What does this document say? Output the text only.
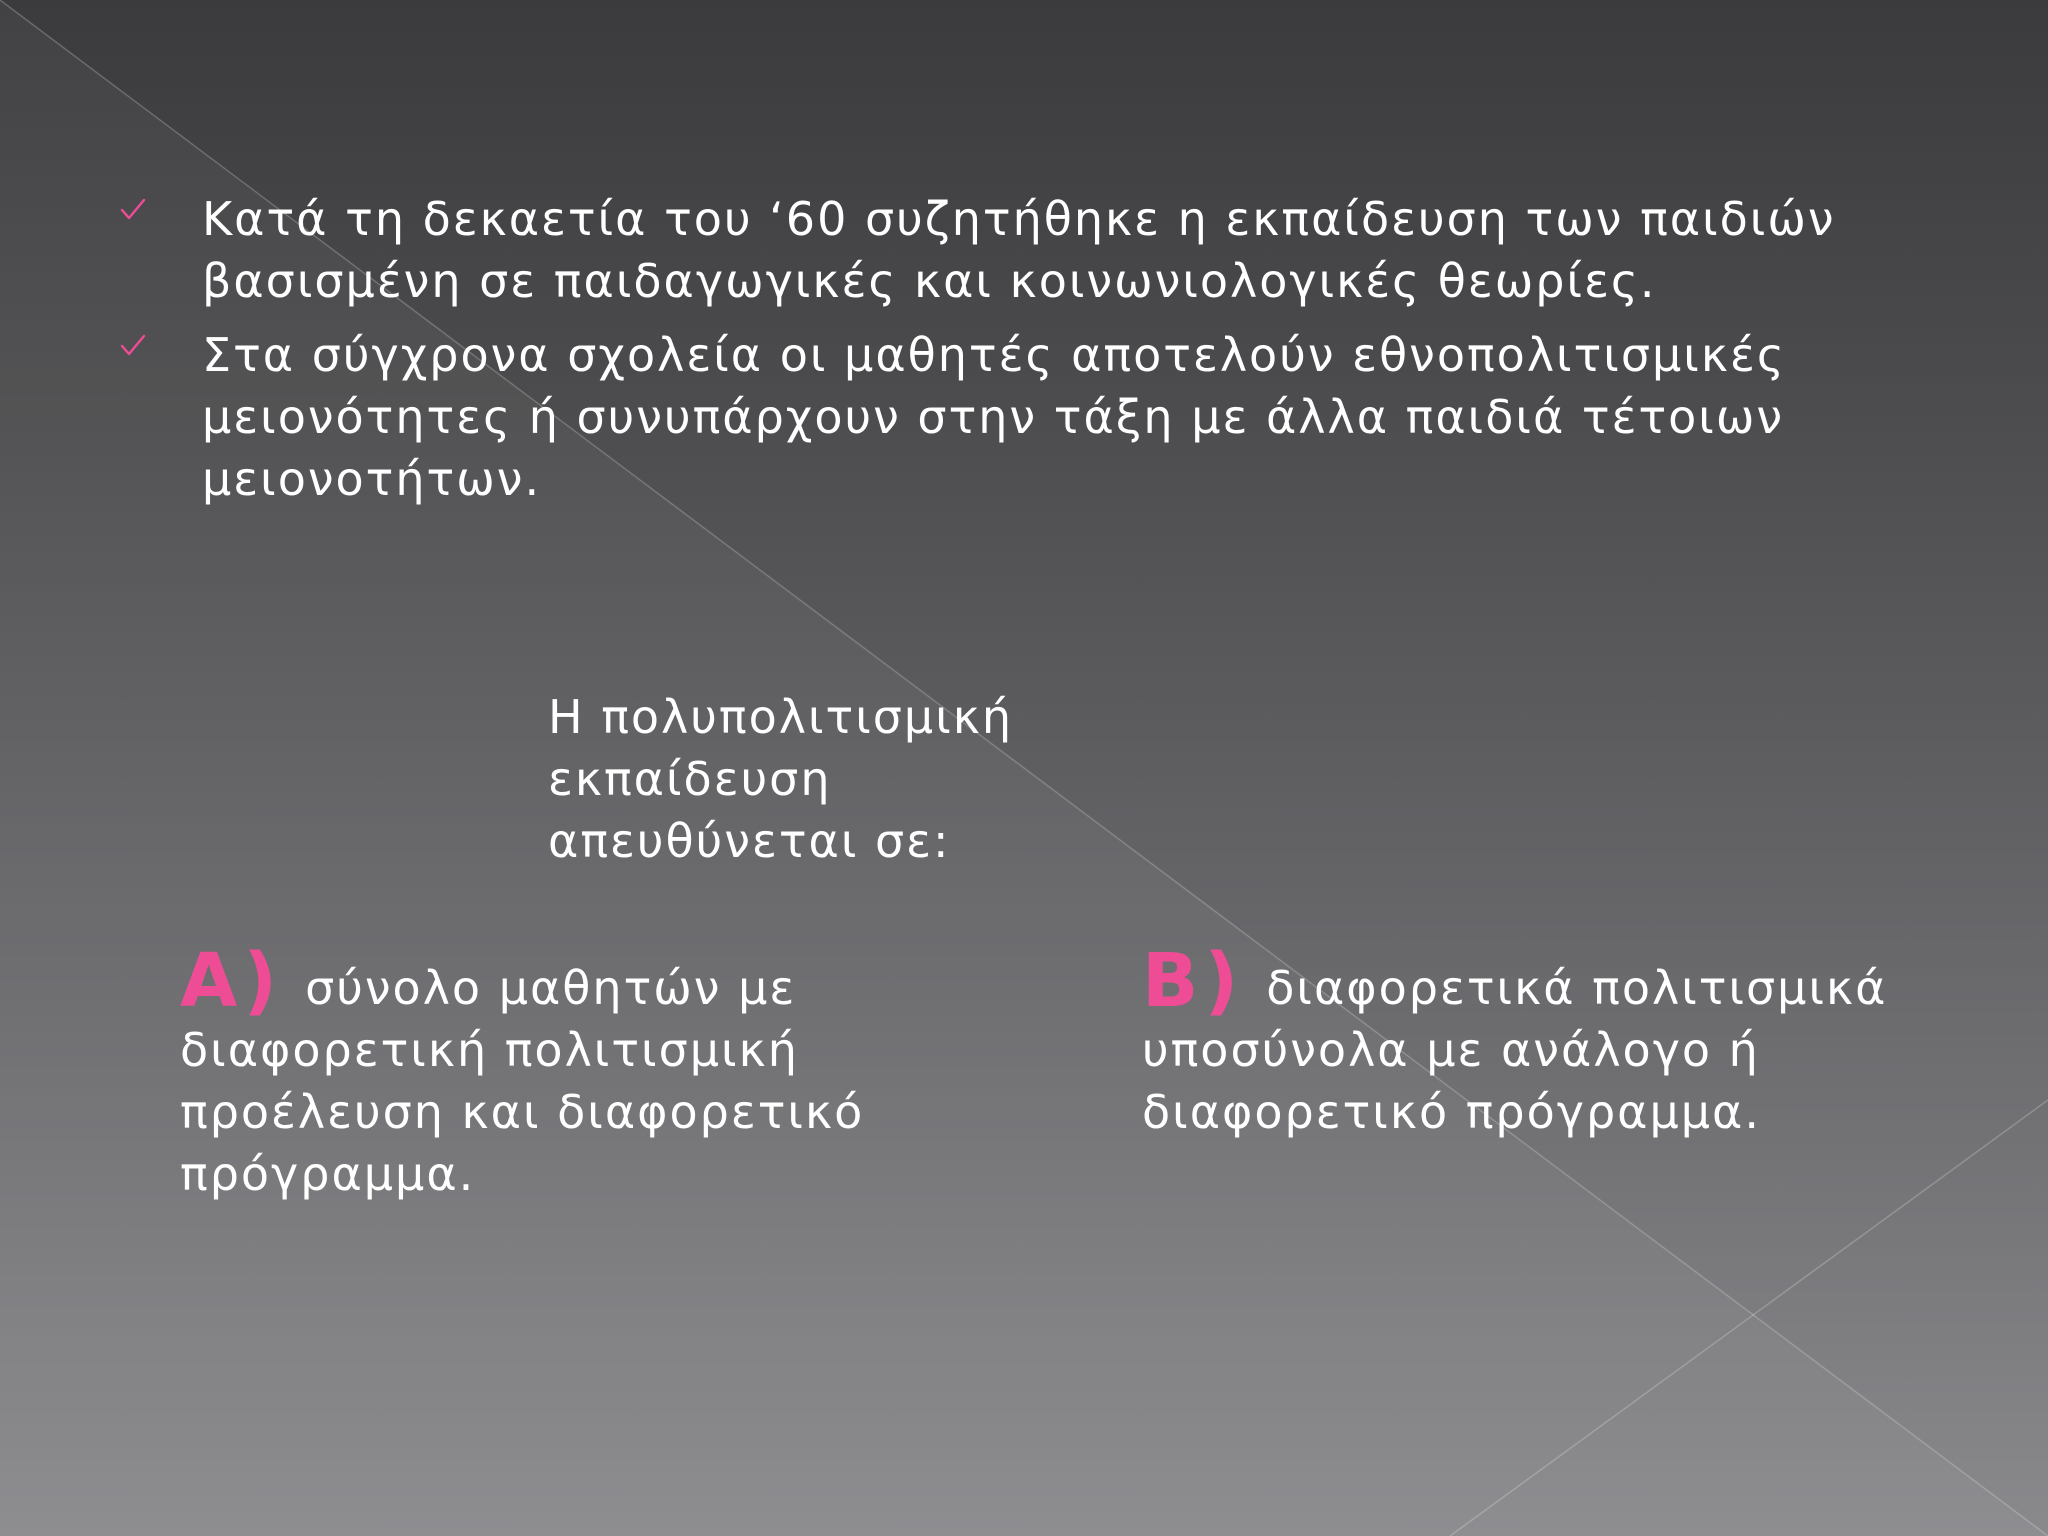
Κατά τη δεκαετία του ‘60 συζητήθηκε η εκπαίδευση των παιδιών βασισμένη σε παιδαγωγικές και κοινωνιολογικές θεωρίες.
Στα σύγχρονα σχολεία οι μαθητές αποτελούν εθνοπολιτισμικές μειονότητες ή συνυπάρχουν στην τάξη με άλλα παιδιά τέτοιων μειονοτήτων.
Η πολυπολιτισμική εκπαίδευση απευθύνεται σε:
A) σύνολο μαθητών με διαφορετική πολιτισμική προέλευση και διαφορετικό πρόγραμμα.
B) διαφορετικά πολιτισμικά υποσύνολα με ανάλογο ή διαφορετικό πρόγραμμα.
